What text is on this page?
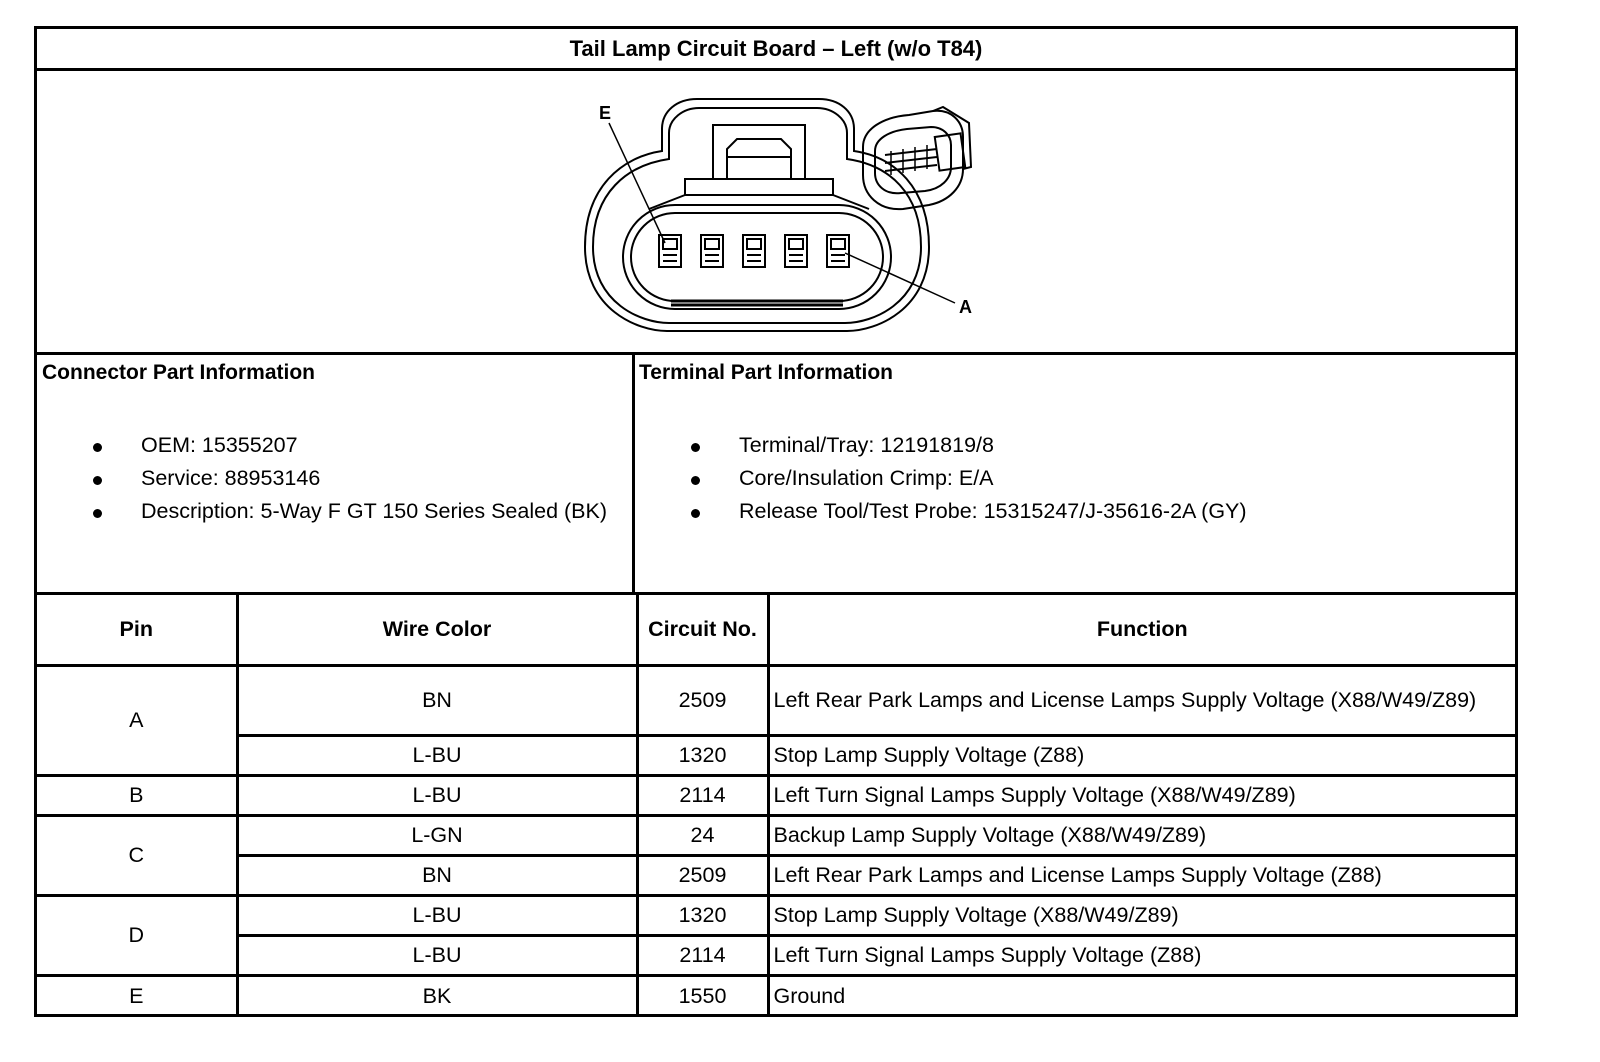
Tail Lamp Circuit Board – Left (w/o T84)
E
A
Connector Part Information
OEM: 15355207
Service: 88953146
Description: 5-Way F GT 150 Series Sealed (BK)
Terminal Part Information
Terminal/Tray: 12191819/8
Core/Insulation Crimp: E/A
Release Tool/Test Probe: 15315247/J-35616-2A (GY)
Pin	Wire Color	Circuit No.	Function
A	BN	2509	Left Rear Park Lamps and License Lamps Supply Voltage (X88/W49/Z89)
	L-BU	1320	Stop Lamp Supply Voltage (Z88)
B	L-BU	2114	Left Turn Signal Lamps Supply Voltage (X88/W49/Z89)
C	L-GN	24	Backup Lamp Supply Voltage (X88/W49/Z89)
	BN	2509	Left Rear Park Lamps and License Lamps Supply Voltage (Z88)
D	L-BU	1320	Stop Lamp Supply Voltage (X88/W49/Z89)
	L-BU	2114	Left Turn Signal Lamps Supply Voltage (Z88)
E	BK	1550	Ground
